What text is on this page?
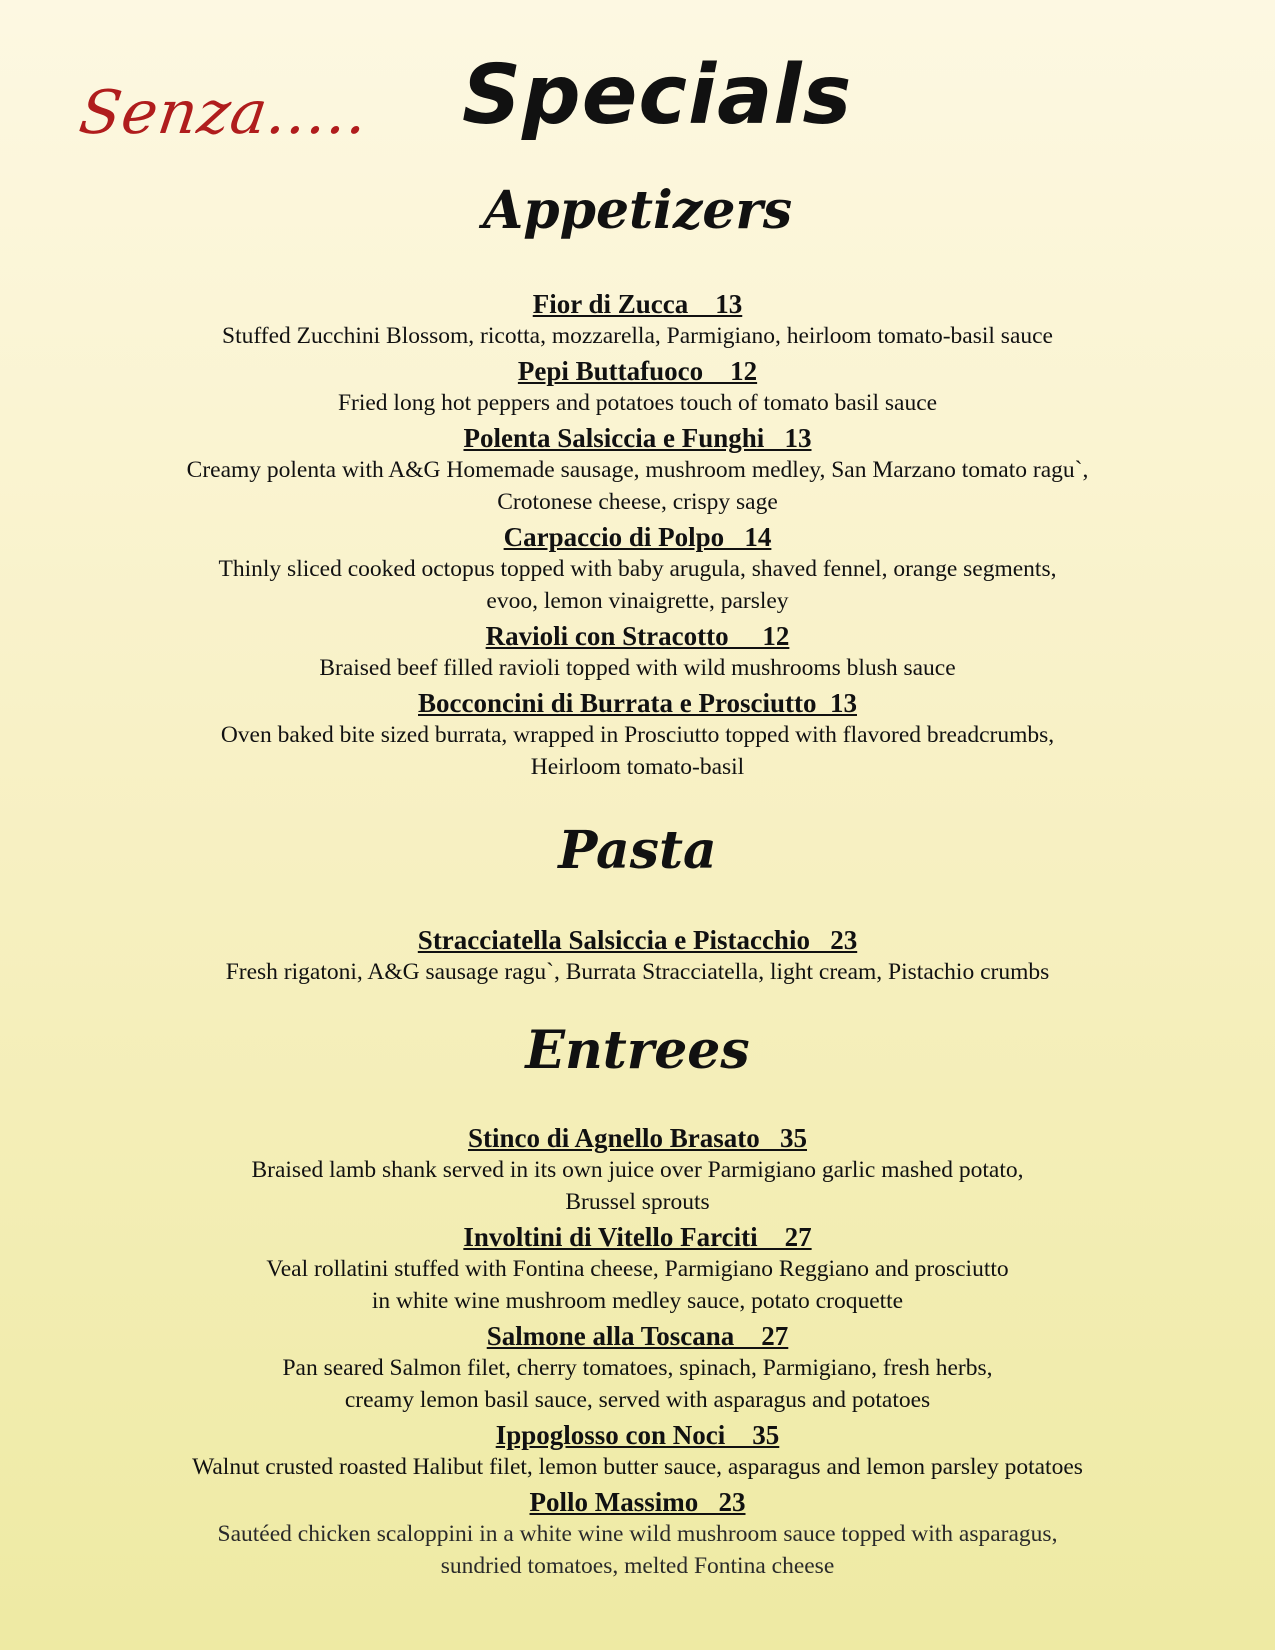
Senza..... Specials
Appetizers

Fior di Zucca    13

Stuffed Zucchini Blossom, ricotta, mozzarella, Parmigiano, heirloom tomato-basil sauce

Pepi Buttafuoco    12

Fried long hot peppers and potatoes touch of tomato basil sauce

Polenta Salsiccia e Funghi   13

Creamy polenta with A&G Homemade sausage, mushroom medley, San Marzano tomato ragu`,
Crotonese cheese, crispy sage

Carpaccio di Polpo   14

Thinly sliced cooked octopus topped with baby arugula, shaved fennel, orange segments,
evoo, lemon vinaigrette, parsley

Ravioli con Stracotto     12

Braised beef filled ravioli topped with wild mushrooms blush sauce

Bocconcini di Burrata e Prosciutto  13

Oven baked bite sized burrata, wrapped in Prosciutto topped with flavored breadcrumbs,
Heirloom tomato-basil

Pasta

Stracciatella Salsiccia e Pistacchio   23

Fresh rigatoni, A&G sausage ragu`, Burrata Stracciatella, light cream, Pistachio crumbs

Entrees

Stinco di Agnello Brasato   35

Braised lamb shank served in its own juice over Parmigiano garlic mashed potato,
Brussel sprouts

Involtini di Vitello Farciti    27

Veal rollatini stuffed with Fontina cheese, Parmigiano Reggiano and prosciutto
in white wine mushroom medley sauce, potato croquette

Salmone alla Toscana    27

Pan seared Salmon filet, cherry tomatoes, spinach, Parmigiano, fresh herbs,
creamy lemon basil sauce, served with asparagus and potatoes

Ippoglosso con Noci    35

Walnut crusted roasted Halibut filet, lemon butter sauce, asparagus and lemon parsley potatoes

Pollo Massimo   23

Sautéed chicken scaloppini in a white wine wild mushroom sauce topped with asparagus,
sundried tomatoes, melted Fontina cheese
